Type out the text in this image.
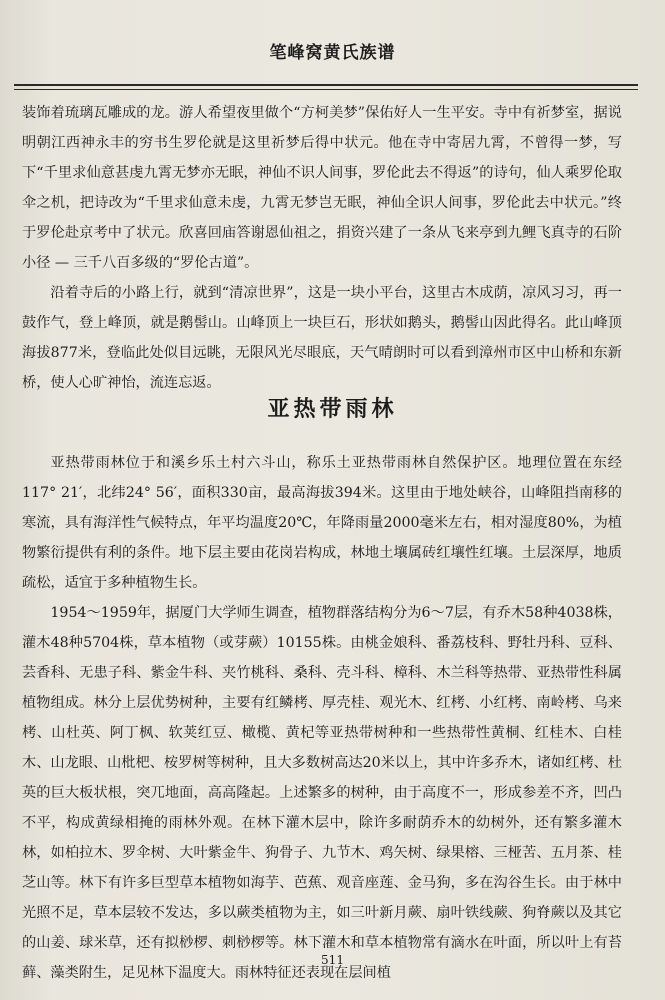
笔峰窝黄氏族谱

装饰着琉璃瓦雕成的龙。游人希望夜里做个“方柯美梦”保佑好人一生平安。寺中有祈梦室，据说明朝江西神永丰的穷书生罗伦就是这里祈梦后得中状元。他在寺中寄居九霄，不曾得一梦，写下“千里求仙意甚虔九霄无梦亦无眠，神仙不识人间事，罗伦此去不得返”的诗句，仙人乘罗伦取伞之机，把诗改为“千里求仙意未虔，九霄无梦岂无眠，神仙全识人间事，罗伦此去中状元。”终于罗伦赴京考中了状元。欣喜回庙答谢恩仙祖之，捐资兴建了一条从飞来亭到九鲤飞真寺的石阶小径 — 三千八百多级的“罗伦古道”。

沿着寺后的小路上行，就到“清凉世界”，这是一块小平台，这里古木成荫，凉风习习，再一鼓作气，登上峰顶，就是鹅髻山。山峰顶上一块巨石，形状如鹅头，鹅髻山因此得名。此山峰顶海拔877米，登临此处似目远眺，无限风光尽眼底，天气晴朗时可以看到漳州市区中山桥和东新桥，使人心旷神怡，流连忘返。

亚热带雨林

亚热带雨林位于和溪乡乐土村六斗山，称乐土亚热带雨林自然保护区。地理位置在东经117° 21′，北纬24° 56′，面积330亩，最高海拔394米。这里由于地处峡谷，山峰阻挡南移的寒流，具有海洋性气候特点，年平均温度20℃，年降雨量2000毫米左右，相对湿度80%，为植物繁衍提供有利的条件。地下层主要由花岗岩构成，林地土壤属砖红壤性红壤。土层深厚，地质疏松，适宜于多种植物生长。

1954～1959年，据厦门大学师生调查，植物群落结构分为6～7层，有乔木58种4038株，灌木48种5704株，草本植物（或芽蕨）10155株。由桃金娘科、番荔枝科、野牡丹科、豆科、芸香科、无患子科、紫金牛科、夹竹桃科、桑科、壳斗科、樟科、木兰科等热带、亚热带性科属植物组成。林分上层优势树种，主要有红鳞栲、厚壳桂、观光木、红栲、小红栲、南岭栲、乌来栲、山杜英、阿丁枫、软荚红豆、橄榄、黄杞等亚热带树种和一些热带性黄桐、红桂木、白桂木、山龙眼、山枇杷、桉罗树等树种，且大多数树高达20米以上，其中许多乔木，诸如红栲、杜英的巨大板状根，突兀地面，高高隆起。上述繁多的树种，由于高度不一，形成参差不齐，凹凸不平，构成黄绿相掩的雨林外观。在林下灌木层中，除许多耐荫乔木的幼树外，还有繁多灌木林，如柏拉木、罗伞树、大叶紫金牛、狗骨子、九节木、鸡矢树、绿果榕、三桠苦、五月茶、桂芝山等。林下有许多巨型草本植物如海芋、芭蕉、观音座莲、金马狗，多在沟谷生长。由于林中光照不足，草本层较不发达，多以蕨类植物为主，如三叶新月蕨、扇叶铁线蕨、狗脊蕨以及其它的山姜、球米草，还有拟桫椤、刺桫椤等。林下灌木和草本植物常有滴水在叶面，所以叶上有苔藓、藻类附生，足见林下温度大。雨林特征还表现在层间植

511
